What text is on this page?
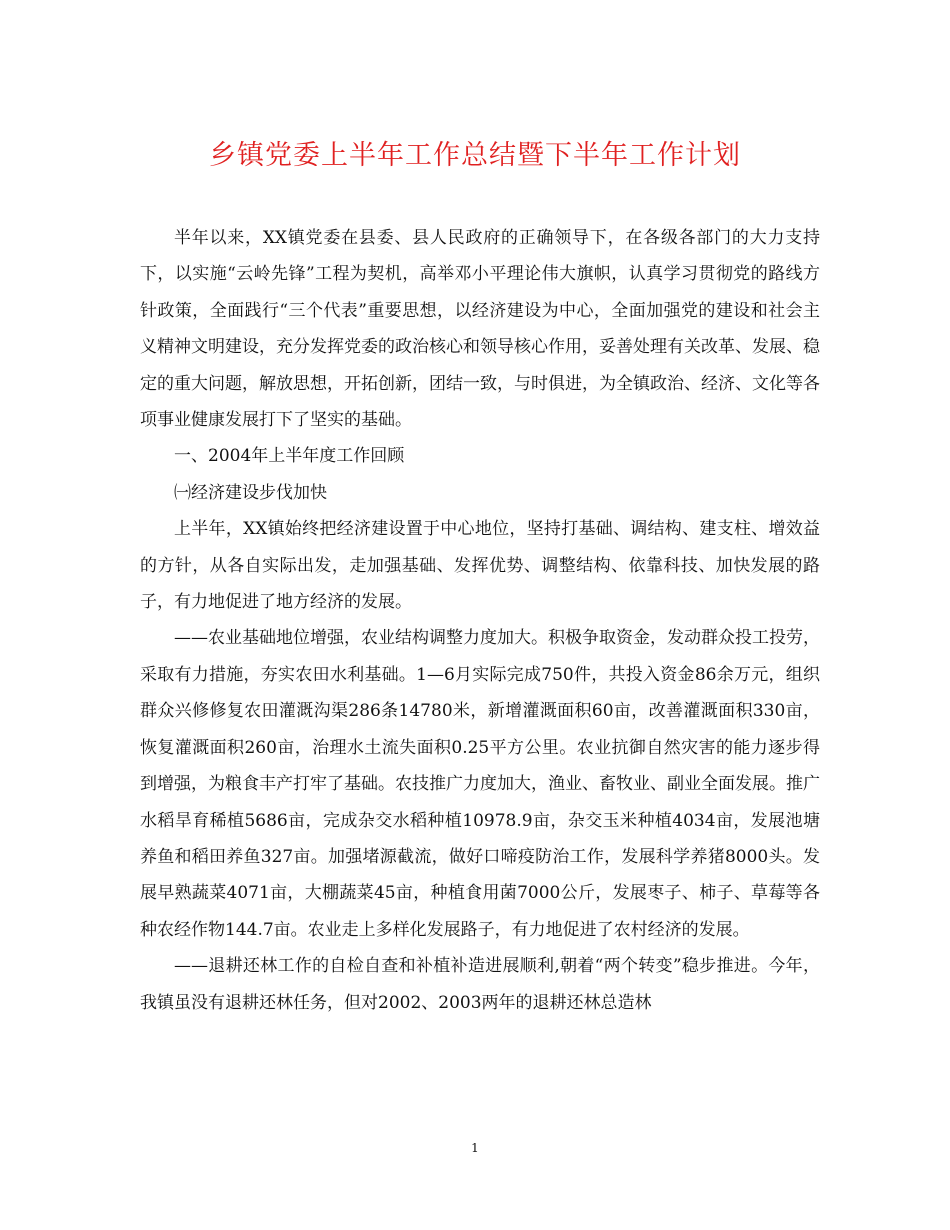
乡镇党委上半年工作总结暨下半年工作计划

半年以来，XX镇党委在县委、县人民政府的正确领导下，在各级各部门的大力支持下，以实施“云岭先锋”工程为契机，高举邓小平理论伟大旗帜，认真学习贯彻党的路线方针政策，全面践行“三个代表”重要思想，以经济建设为中心，全面加强党的建设和社会主义精神文明建设，充分发挥党委的政治核心和领导核心作用，妥善处理有关改革、发展、稳定的重大问题，解放思想，开拓创新，团结一致，与时俱进，为全镇政治、经济、文化等各项事业健康发展打下了坚实的基础。

一、2004年上半年度工作回顾

㈠经济建设步伐加快

上半年，XX镇始终把经济建设置于中心地位，坚持打基础、调结构、建支柱、增效益的方针，从各自实际出发，走加强基础、发挥优势、调整结构、依靠科技、加快发展的路子，有力地促进了地方经济的发展。

——农业基础地位增强，农业结构调整力度加大。积极争取资金，发动群众投工投劳，采取有力措施，夯实农田水利基础。1—6月实际完成750件，共投入资金86余万元，组织群众兴修修复农田灌溉沟渠286条14780米，新增灌溉面积60亩，改善灌溉面积330亩，恢复灌溉面积260亩，治理水土流失面积0.25平方公里。农业抗御自然灾害的能力逐步得到增强，为粮食丰产打牢了基础。农技推广力度加大，渔业、畜牧业、副业全面发展。推广水稻旱育稀植5686亩，完成杂交水稻种植10978.9亩，杂交玉米种植4034亩，发展池塘养鱼和稻田养鱼327亩。加强堵源截流，做好口啼疫防治工作，发展科学养猪8000头。发展早熟蔬菜4071亩，大棚蔬菜45亩，种植食用菌7000公斤，发展枣子、柿子、草莓等各种农经作物144.7亩。农业走上多样化发展路子，有力地促进了农村经济的发展。

——退耕还林工作的自检自查和补植补造进展顺利,朝着“两个转变”稳步推进。今年，我镇虽没有退耕还林任务，但对2002、2003两年的退耕还林总造林

1
